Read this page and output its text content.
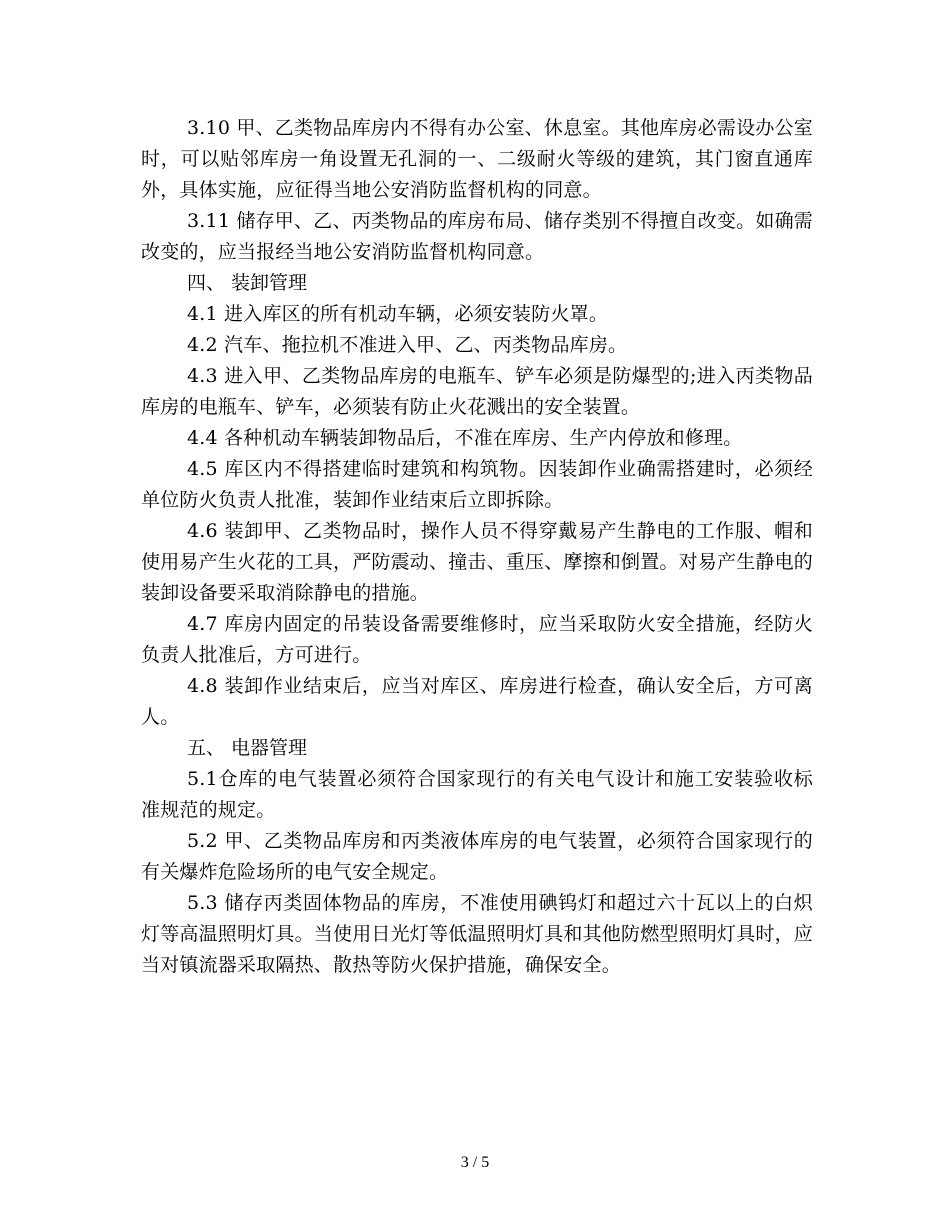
3.10 甲、乙类物品库房内不得有办公室、休息室。其他库房必需设办公室时，可以贴邻库房一角设置无孔洞的一、二级耐火等级的建筑，其门窗直通库外，具体实施，应征得当地公安消防监督机构的同意。

3.11 储存甲、乙、丙类物品的库房布局、储存类别不得擅自改变。如确需改变的，应当报经当地公安消防监督机构同意。

四、 装卸管理

4.1 进入库区的所有机动车辆，必须安装防火罩。

4.2 汽车、拖拉机不准进入甲、乙、丙类物品库房。

4.3 进入甲、乙类物品库房的电瓶车、铲车必须是防爆型的;进入丙类物品库房的电瓶车、铲车，必须装有防止火花溅出的安全装置。

4.4 各种机动车辆装卸物品后，不准在库房、生产内停放和修理。

4.5 库区内不得搭建临时建筑和构筑物。因装卸作业确需搭建时，必须经单位防火负责人批准，装卸作业结束后立即拆除。

4.6 装卸甲、乙类物品时，操作人员不得穿戴易产生静电的工作服、帽和使用易产生火花的工具，严防震动、撞击、重压、摩擦和倒置。对易产生静电的装卸设备要采取消除静电的措施。

4.7 库房内固定的吊装设备需要维修时，应当采取防火安全措施，经防火负责人批准后，方可进行。

4.8 装卸作业结束后，应当对库区、库房进行检查，确认安全后，方可离人。

五、 电器管理

5.1仓库的电气装置必须符合国家现行的有关电气设计和施工安装验收标准规范的规定。

5.2 甲、乙类物品库房和丙类液体库房的电气装置，必须符合国家现行的有关爆炸危险场所的电气安全规定。

5.3 储存丙类固体物品的库房，不准使用碘钨灯和超过六十瓦以上的白炽灯等高温照明灯具。当使用日光灯等低温照明灯具和其他防燃型照明灯具时，应当对镇流器采取隔热、散热等防火保护措施，确保安全。

3 / 5
